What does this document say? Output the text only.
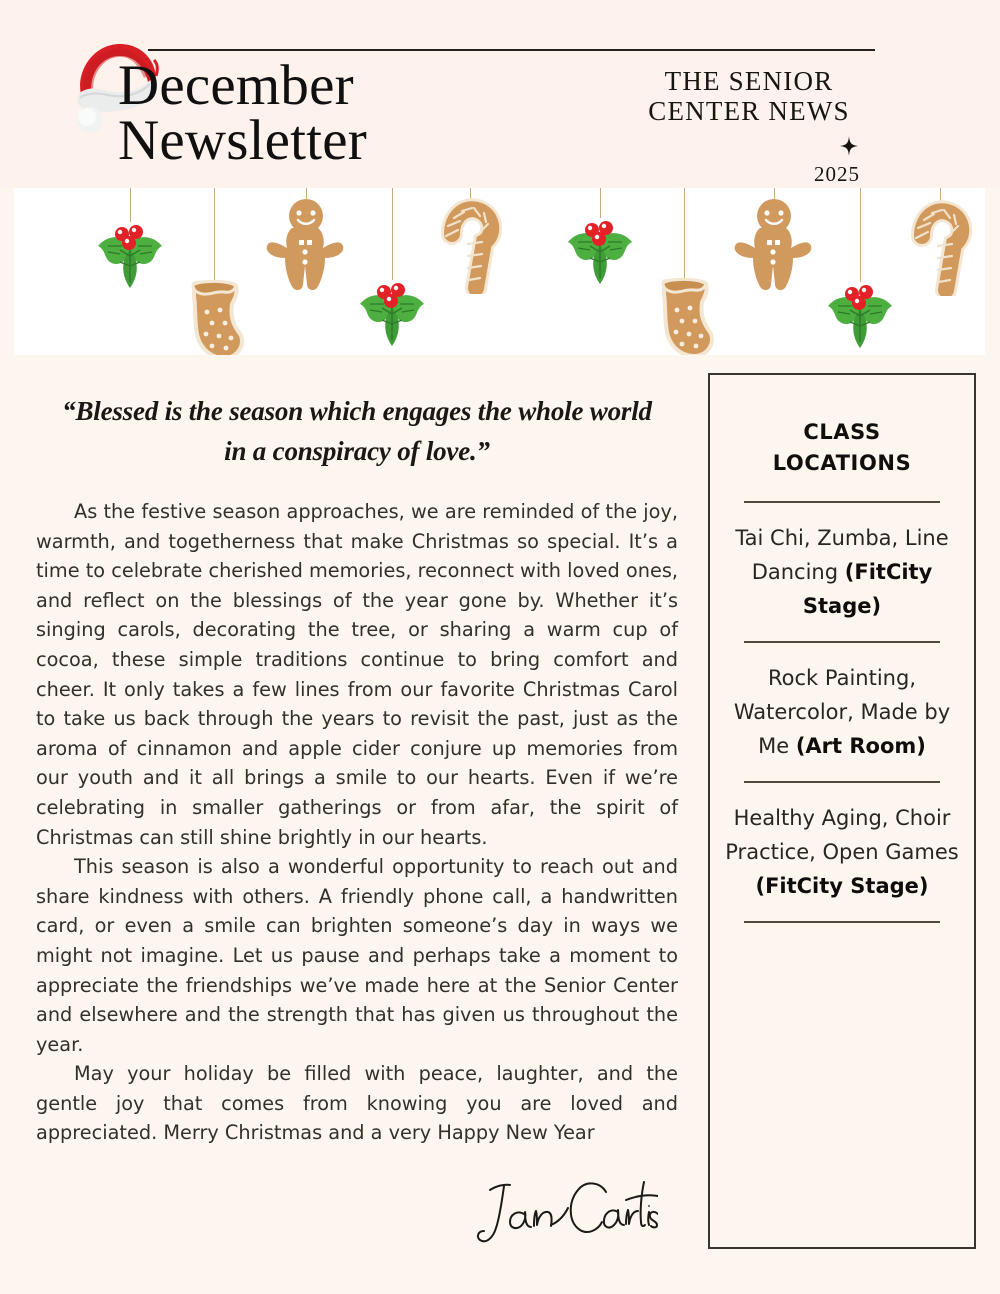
December
Newsletter
THE SENIOR
CENTER NEWS
2025
“Blessed is the season which engages the whole world in a conspiracy of love.”

As the festive season approaches, we are reminded of the joy, warmth, and togetherness that make Christmas so special. It’s a time to celebrate cherished memories, reconnect with loved ones, and reflect on the blessings of the year gone by. Whether it’s singing carols, decorating the tree, or sharing a warm cup of cocoa, these simple traditions continue to bring comfort and cheer. It only takes a few lines from our favorite Christmas Carol to take us back through the years to revisit the past, just as the aroma of cinnamon and apple cider conjure up memories from our youth and it all brings a smile to our hearts. Even if we’re celebrating in smaller gatherings or from afar, the spirit of Christmas can still shine brightly in our hearts.

This season is also a wonderful opportunity to reach out and share kindness with others. A friendly phone call, a handwritten card, or even a smile can brighten someone’s day in ways we might not imagine. Let us pause and perhaps take a moment to appreciate the friendships we’ve made here at the Senior Center and elsewhere and the strength that has given us throughout the year.

May your holiday be filled with peace, laughter, and the gentle joy that comes from knowing you are loved and appreciated. Merry Christmas and a very Happy New Year

CLASS
LOCATIONS
Tai Chi, Zumba, Line Dancing (FitCity Stage)
Rock Painting, Watercolor, Made by Me (Art Room)
Healthy Aging, Choir Practice, Open Games (FitCity Stage)
